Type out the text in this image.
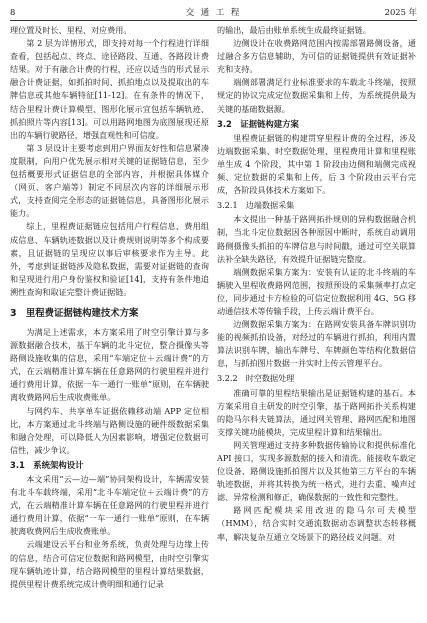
8	交 通 工 程	2025 年

理位置及时长、里程、对应费用。

第 2 层为详情形式，即支持对每一个行程进行详细查看，包括起点、终点、途径路段、互通、各路段计费结果。对于有融合计费的行程，还应以适当的形式显示融合计费证据，如抓拍时间、抓拍地点以及提取出的车牌信息或其他车辆特征[11-12]。在有条件的情况下，结合里程计费计算模型、图形化展示宜包括车辆轨迹、抓拍照片等内容[13]。可以用路网地图为底图展现还原出的车辆行驶路径，增强直观性和可信度。

第 3 层设计主要考虑到用户界面友好性和信息紧凑度限制，向用户优先展示相对关键的证据链信息，至少包括概要形式证据信息的全部内容，并根据具体媒介（网页、客户端等）制定不同层次内容的详细展示形式，支持查阅完全形态的证据链信息，具备图形化展示能力。

综上，里程费证据链应包括用户行程信息、费用组成信息、车辆轨迹数据以及计费规则说明等多个构成要素，且证据链的呈现应以事后审核要求作为主导。此外，考虑到证据链涉及隐私数据，需要对证据链的查询和呈现进行用户身份鉴权和验证[14]，支持有条件地追溯性查询和取证完整计费证据链。

3　里程费证据链构建技术方案

为满足上述需求，本方案采用了时空引擎计算与多源数据融合技术，基于车辆的北斗定位，整合摄像头等路侧设施收集的信息，采用“车端定位＋云端计费”的方式，在云端精准计算车辆在任意路网的行驶里程并进行通行费用计算，依据一车一通行一账单”原则，在车辆驶离收费路网后生成收费账单。

与网约车、共享单车证据依赖移动端 APP 定位相比，本方案通过北斗终端与路侧设施的硬件级数据采集和融合处理，可以降低人为因素影响，增强定位数据可信性，减少争议。

3.1　系统架构设计

本文采用“云—边—端”协同架构设计，车辆需安装有北斗车载终端，采用“北斗车端定位＋云端计费”的方式，在云端精准计算车辆在任意路网的行驶里程并进行通行费用计算，依据“一车一通行一账单”原则，在车辆驶离收费网后生成收费账单。

云端建设云平台和业务系统，负责处理与边缘上传的信息，结合可信定位数据和路网模型，由时空引擎实现车辆轨迹计算，结合路网模型的里程计算结果数据，提供里程计费系统完成计费明细和通行记录

的输出，最后由账单系统生成最终证据链。

边侧设计在收费路网范围内按需部署路侧设备，通过融合多方信息辅助，为可信的证据链提供有效证据补充和支持。

端侧部署满足行业标准要求的车载北斗终端，按照规定的协议完成定位数据采集和上传，为系统提供最为关键的基础数据源。

3.2　证据链构建方案

里程费证据链的构建贯穿里程计费的全过程，涉及边端数据采集、时空数据处理、里程费用计算和里程账单生成 4 个阶段，其中第 1 阶段由边侧和端侧完成视频、定位数据的采集和上传，后 3 个阶段由云平台完成，各阶段具体技术方案如下。

3.2.1　边端数据采集

本文提出一种基于路网拓扑规则的异构数据融合机制，当北斗定位数据因各种原因中断时，系统自动调用路侧摄像头抓拍的车牌信息与时间戳，通过可空关联算法补全缺失路径，有效提升证据链完整度。

端侧数据采集方案为：安装有认证的北斗终端的车辆驶入里程收费路网范围，按照预设的采集频率打点定位，同步通过卡方检验的可信定位数据利用 4G、5G 移动通信技术等传输手段，上传云端计费平台。

边侧数据采集方案为：在路网安装具备车牌识别功能的视频抓拍设备，对经过的车辆进行抓拍，利用内置算法识别车牌，输出车牌号、车牌颜色等结构化数据信息，与抓拍图片数据一并实时上传云管理平台。

3.2.2　时空数据处理

准确可靠的里程结果输出是证据链构建的基石。本方案采用自主研发的时空引擎，基于路网拓扑关系构建的隐马尔科夫链算法，通过网关管理、路网匹配和地图支撑关键功能模块，完成里程计算和结果输出。

网关管理通过支持多种数据传输协议和提供标准化 API 接口，实现多源数据的接入和清洗。能接收车载定位设备、路侧设施抓拍图片以及其他第三方平台的车辆轨迹数据，并将其转换为统一格式，进行去重、噪声过滤、异常检测和修正，确保数据的一致性和完整性。

路网匹配模块采用改进的隐马尔可夫模型（HMM），结合实时交通流数据动态调整状态转移概率，解决复杂互通立交场景下的路径歧义问题。对
